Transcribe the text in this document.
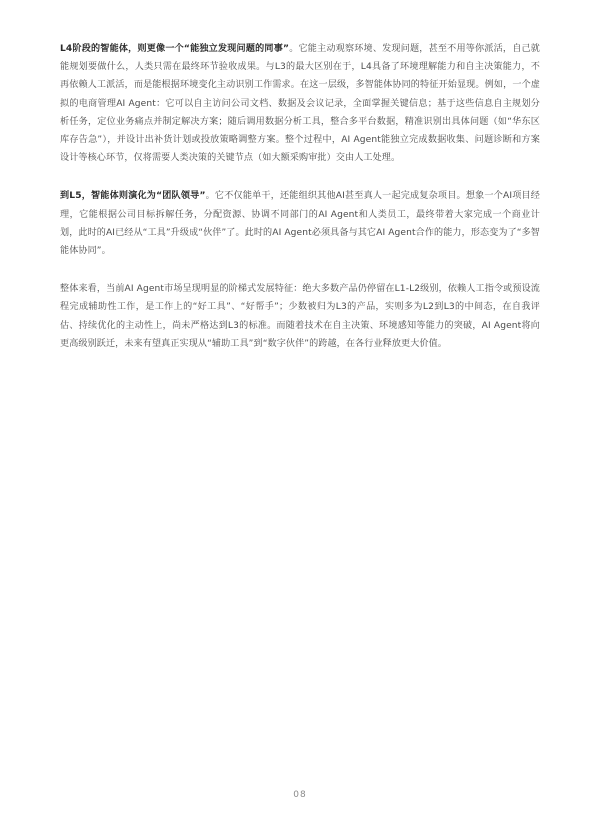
L4阶段的智能体，则更像一个“能独立发现问题的同事”。它能主动观察环境、发现问题，甚至不用等你派活，自己就能规划要做什么，人类只需在最终环节验收成果。与L3的最大区别在于，L4具备了环境理解能力和自主决策能力，不再依赖人工派活，而是能根据环境变化主动识别工作需求。在这一层级，多智能体协同的特征开始显现。例如，一个虚拟的电商管理AI Agent：它可以自主访问公司文档、数据及会议记录，全面掌握关键信息；基于这些信息自主规划分析任务，定位业务痛点并制定解决方案；随后调用数据分析工具，整合多平台数据，精准识别出具体问题（如“华东区库存告急”），并设计出补货计划或投放策略调整方案。整个过程中，AI Agent能独立完成数据收集、问题诊断和方案设计等核心环节，仅将需要人类决策的关键节点（如大额采购审批）交由人工处理。

到L5，智能体则演化为“团队领导”。它不仅能单干，还能组织其他AI甚至真人一起完成复杂项目。想象一个AI项目经理，它能根据公司目标拆解任务，分配资源、协调不同部门的AI Agent和人类员工，最终带着大家完成一个商业计划，此时的AI已经从“工具”升级成“伙伴”了。此时的AI Agent必须具备与其它AI Agent合作的能力，形态变为了“多智能体协同”。

整体来看，当前AI Agent市场呈现明显的阶梯式发展特征：绝大多数产品仍停留在L1-L2级别，依赖人工指令或预设流程完成辅助性工作，是工作上的“好工具”、“好帮手”；少数被归为L3的产品，实则多为L2到L3的中间态，在自我评估、持续优化的主动性上，尚未严格达到L3的标准。而随着技术在自主决策、环境感知等能力的突破，AI Agent将向更高级别跃迁，未来有望真正实现从“辅助工具”到“数字伙伴”的跨越，在各行业释放更大价值。

08
